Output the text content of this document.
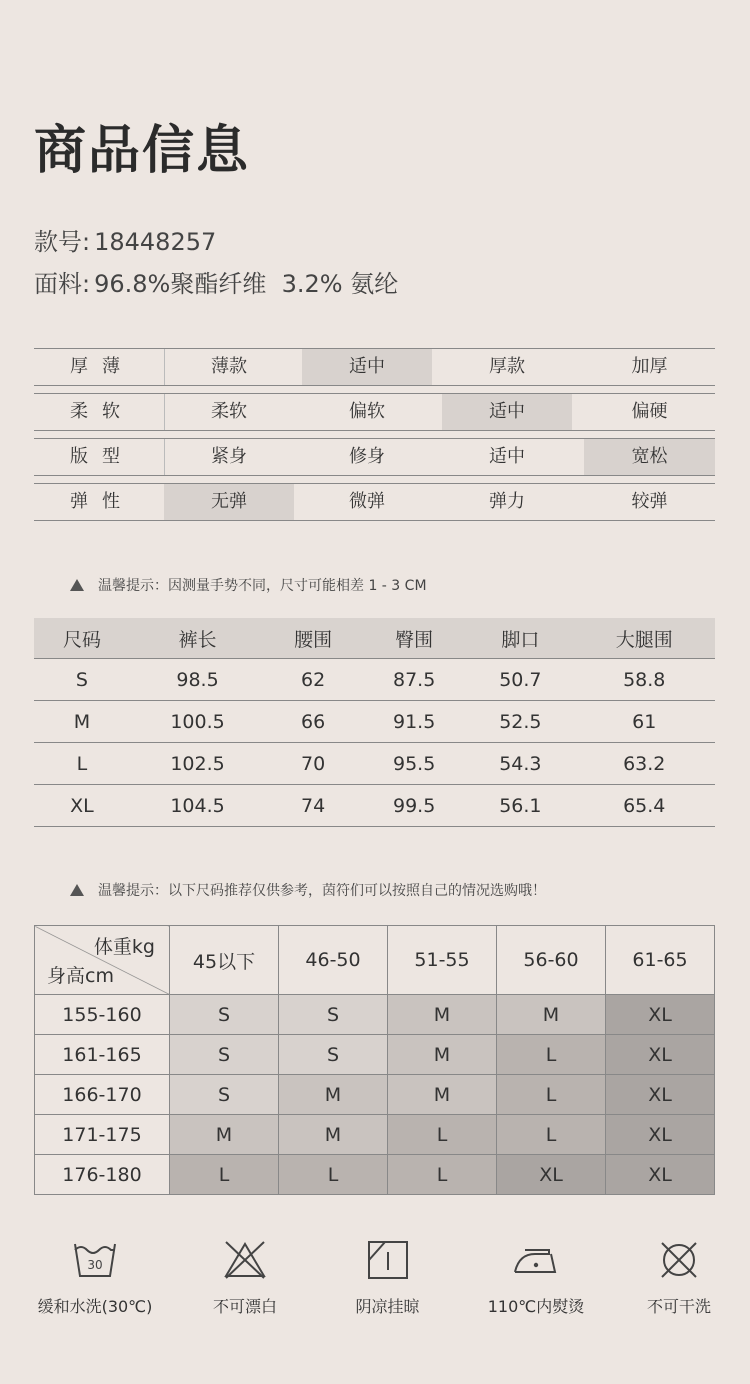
商品信息
款号: 18448257
面料: 96.8%聚酯纤维  3.2% 氨纶
厚薄	薄款	适中	厚款	加厚
柔软	柔软	偏软	适中	偏硬
版型	紧身	修身	适中	宽松
弹性	无弹	微弹	弹力	较弹
温馨提示：因测量手势不同，尺寸可能相差 1 - 3 CM
尺码	裤长	腰围	臀围	脚口	大腿围
S	98.5	62	87.5	50.7	58.8
M	100.5	66	91.5	52.5	61
L	102.5	70	95.5	54.3	63.2
XL	104.5	74	99.5	56.1	65.4
温馨提示：以下尺码推荐仅供参考，茵符们可以按照自己的情况选购哦！
体重kg
身高cm	45以下	46-50	51-55	56-60	61-65
155-160	S	S	M	M	XL
161-165	S	S	M	L	XL
166-170	S	M	M	L	XL
171-175	M	M	L	L	XL
176-180	L	L	L	XL	XL
30
缓和水洗(30℃)	不可漂白	阴凉挂晾	110℃内熨烫	不可干洗
